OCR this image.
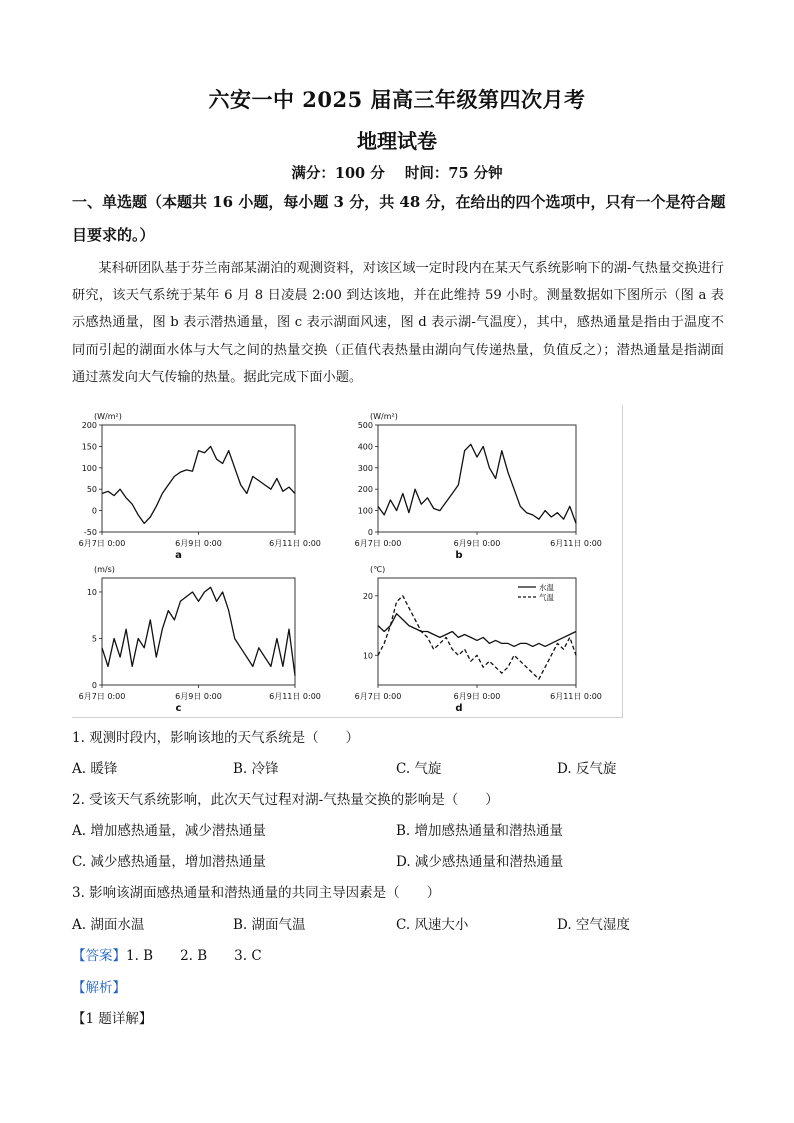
六安一中 2025 届高三年级第四次月考
地理试卷
满分：100 分    时间：75 分钟
一、单选题（本题共 16 小题，每小题 3 分，共 48 分，在给出的四个选项中，只有一个是符合题目要求的。）
某科研团队基于芬兰南部某湖泊的观测资料，对该区域一定时段内在某天气系统影响下的湖-气热量交换进行研究，该天气系统于某年 6 月 8 日凌晨 2:00 到达该地，并在此维持 59 小时。测量数据如下图所示（图 a 表示感热通量，图 b 表示潜热通量，图 c 表示湖面风速，图 d 表示湖-气温度），其中，感热通量是指由于温度不同而引起的湖面水体与大气之间的热量交换（正值代表热量由湖向气传递热量，负值反之）；潜热通量是指湖面通过蒸发向大气传输的热量。据此完成下面小题。
(W/m²)
200
150
100
50
0
-50
6月7日 0:00	6月9日 0:00	6月11日 0:00
a
(W/m²)
500
400
300
200
100
0
6月7日 0:00	6月9日 0:00	6月11日 0:00
b
(m/s)
10
5
0
6月7日 0:00	6月9日 0:00	6月11日 0:00
c
(℃)
20
10
6月7日 0:00	6月9日 0:00	6月11日 0:00
d
水温
气温
1. 观测时段内，影响该地的天气系统是（　　）
A. 暖锋	B. 冷锋	C. 气旋	D. 反气旋
2. 受该天气系统影响，此次天气过程对湖-气热量交换的影响是（　　）
A. 增加感热通量，减少潜热通量	B. 增加感热通量和潜热通量
C. 减少感热通量，增加潜热通量	D. 减少感热通量和潜热通量
3. 影响该湖面感热通量和潜热通量的共同主导因素是（　　）
A. 湖面水温	B. 湖面气温	C. 风速大小	D. 空气湿度
【答案】1. B　　2. B　　3. C
【解析】
【1 题详解】
